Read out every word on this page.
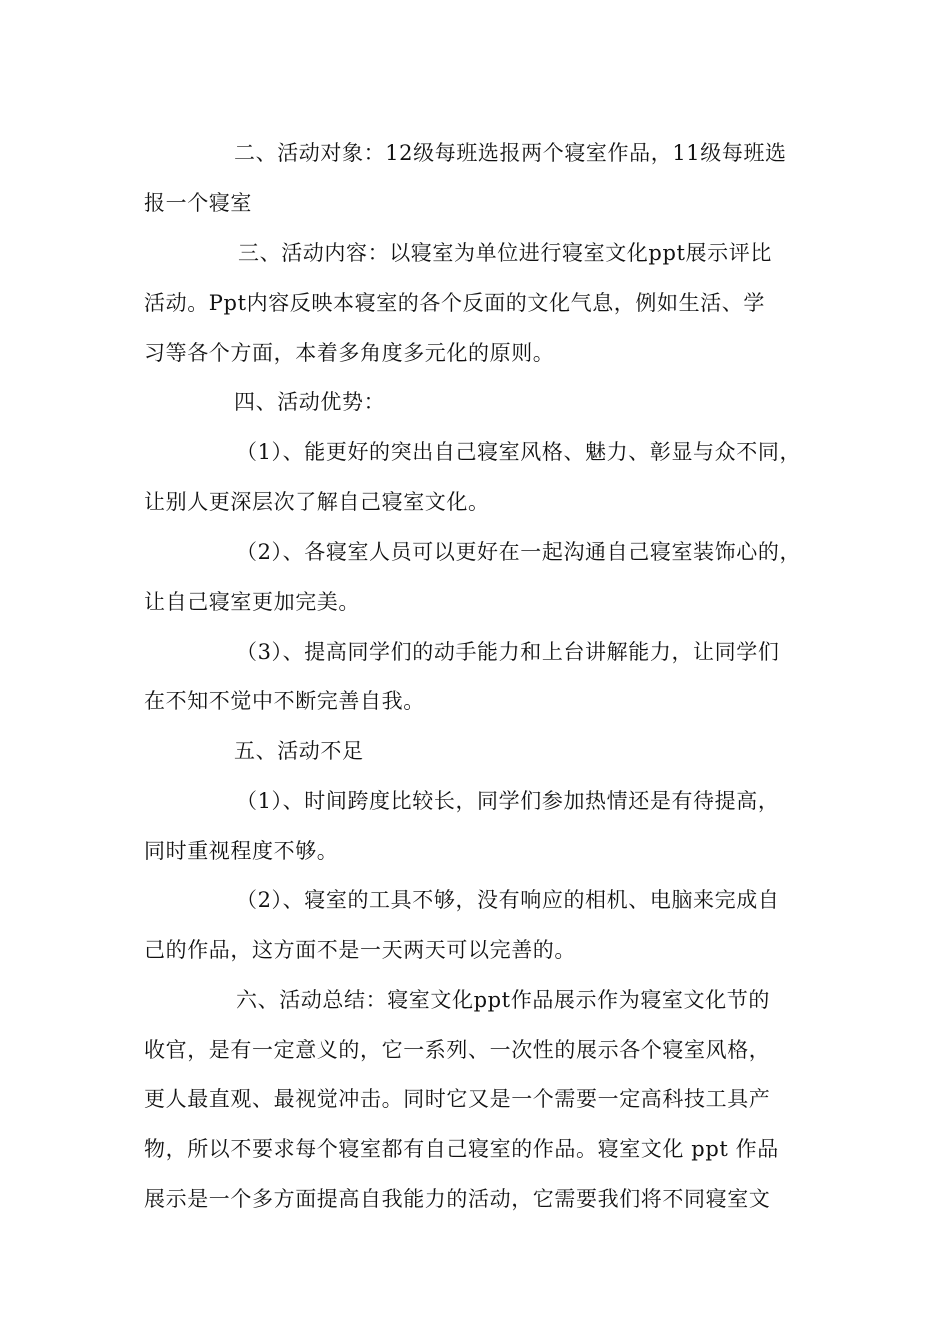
二、活动对象：12级每班选报两个寝室作品，11级每班选
报一个寝室
三、活动内容：以寝室为单位进行寝室文化ppt展示评比
活动。Ppt内容反映本寝室的各个反面的文化气息，例如生活、学
习等各个方面，本着多角度多元化的原则。
四、活动优势：
（1）、能更好的突出自己寝室风格、魅力、彰显与众不同，
让别人更深层次了解自己寝室文化。
（2）、各寝室人员可以更好在一起沟通自己寝室装饰心的，
让自己寝室更加完美。
（3）、提高同学们的动手能力和上台讲解能力，让同学们
在不知不觉中不断完善自我。
五、活动不足
（1）、时间跨度比较长，同学们参加热情还是有待提高，
同时重视程度不够。
（2）、寝室的工具不够，没有响应的相机、电脑来完成自
己的作品，这方面不是一天两天可以完善的。
六、活动总结：寝室文化ppt作品展示作为寝室文化节的
收官，是有一定意义的，它一系列、一次性的展示各个寝室风格，
更人最直观、最视觉冲击。同时它又是一个需要一定高科技工具产
物，所以不要求每个寝室都有自己寝室的作品。寝室文化 ppt 作品
展示是一个多方面提高自我能力的活动，它需要我们将不同寝室文
